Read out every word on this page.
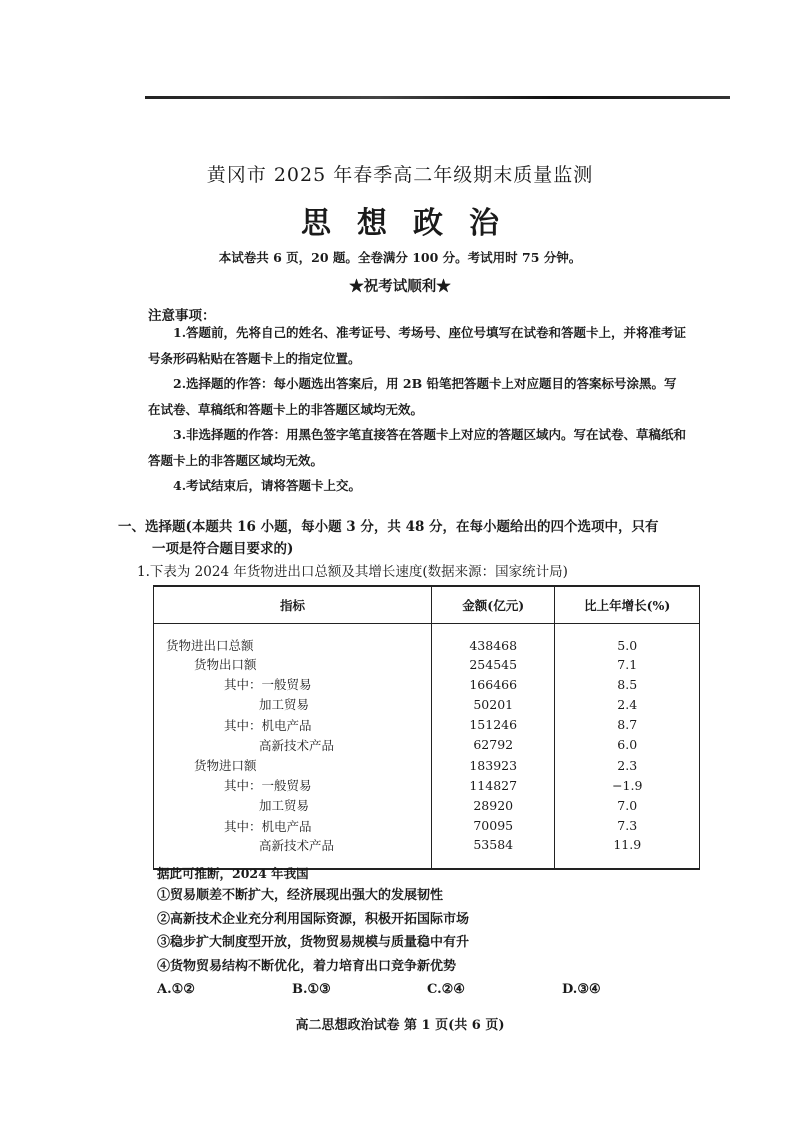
黄冈市 2025 年春季高二年级期末质量监测
思想政治
本试卷共 6 页，20 题。全卷满分 100 分。考试用时 75 分钟。
★祝考试顺利★
注意事项：

1.答题前，先将自己的姓名、准考证号、考场号、座位号填写在试卷和答题卡上，并将准考证号条形码粘贴在答题卡上的指定位置。

2.选择题的作答：每小题选出答案后，用 2B 铅笔把答题卡上对应题目的答案标号涂黑。写在试卷、草稿纸和答题卡上的非答题区域均无效。

3.非选择题的作答：用黑色签字笔直接答在答题卡上对应的答题区域内。写在试卷、草稿纸和答题卡上的非答题区域均无效。

4.考试结束后，请将答题卡上交。

一、选择题(本题共 16 小题，每小题 3 分，共 48 分，在每小题给出的四个选项中，只有
一项是符合题目要求的)
1.下表为 2024 年货物进出口总额及其增长速度(数据来源：国家统计局)
指标	金额(亿元)	比上年增长(%)
货物进出口总额	438468	5.0
货物出口额	254545	7.1
其中：一般贸易	166466	8.5
加工贸易	50201	2.4
其中：机电产品	151246	8.7
高新技术产品	62792	6.0
货物进口额	183923	2.3
其中：一般贸易	114827	−1.9
加工贸易	28920	7.0
其中：机电产品	70095	7.3
高新技术产品	53584	11.9
据此可推断，2024 年我国
①贸易顺差不断扩大，经济展现出强大的发展韧性
②高新技术企业充分利用国际资源，积极开拓国际市场
③稳步扩大制度型开放，货物贸易规模与质量稳中有升
④货物贸易结构不断优化，着力培育出口竞争新优势
A.①②	B.①③	C.②④	D.③④
高二思想政治试卷 第 1 页(共 6 页)
